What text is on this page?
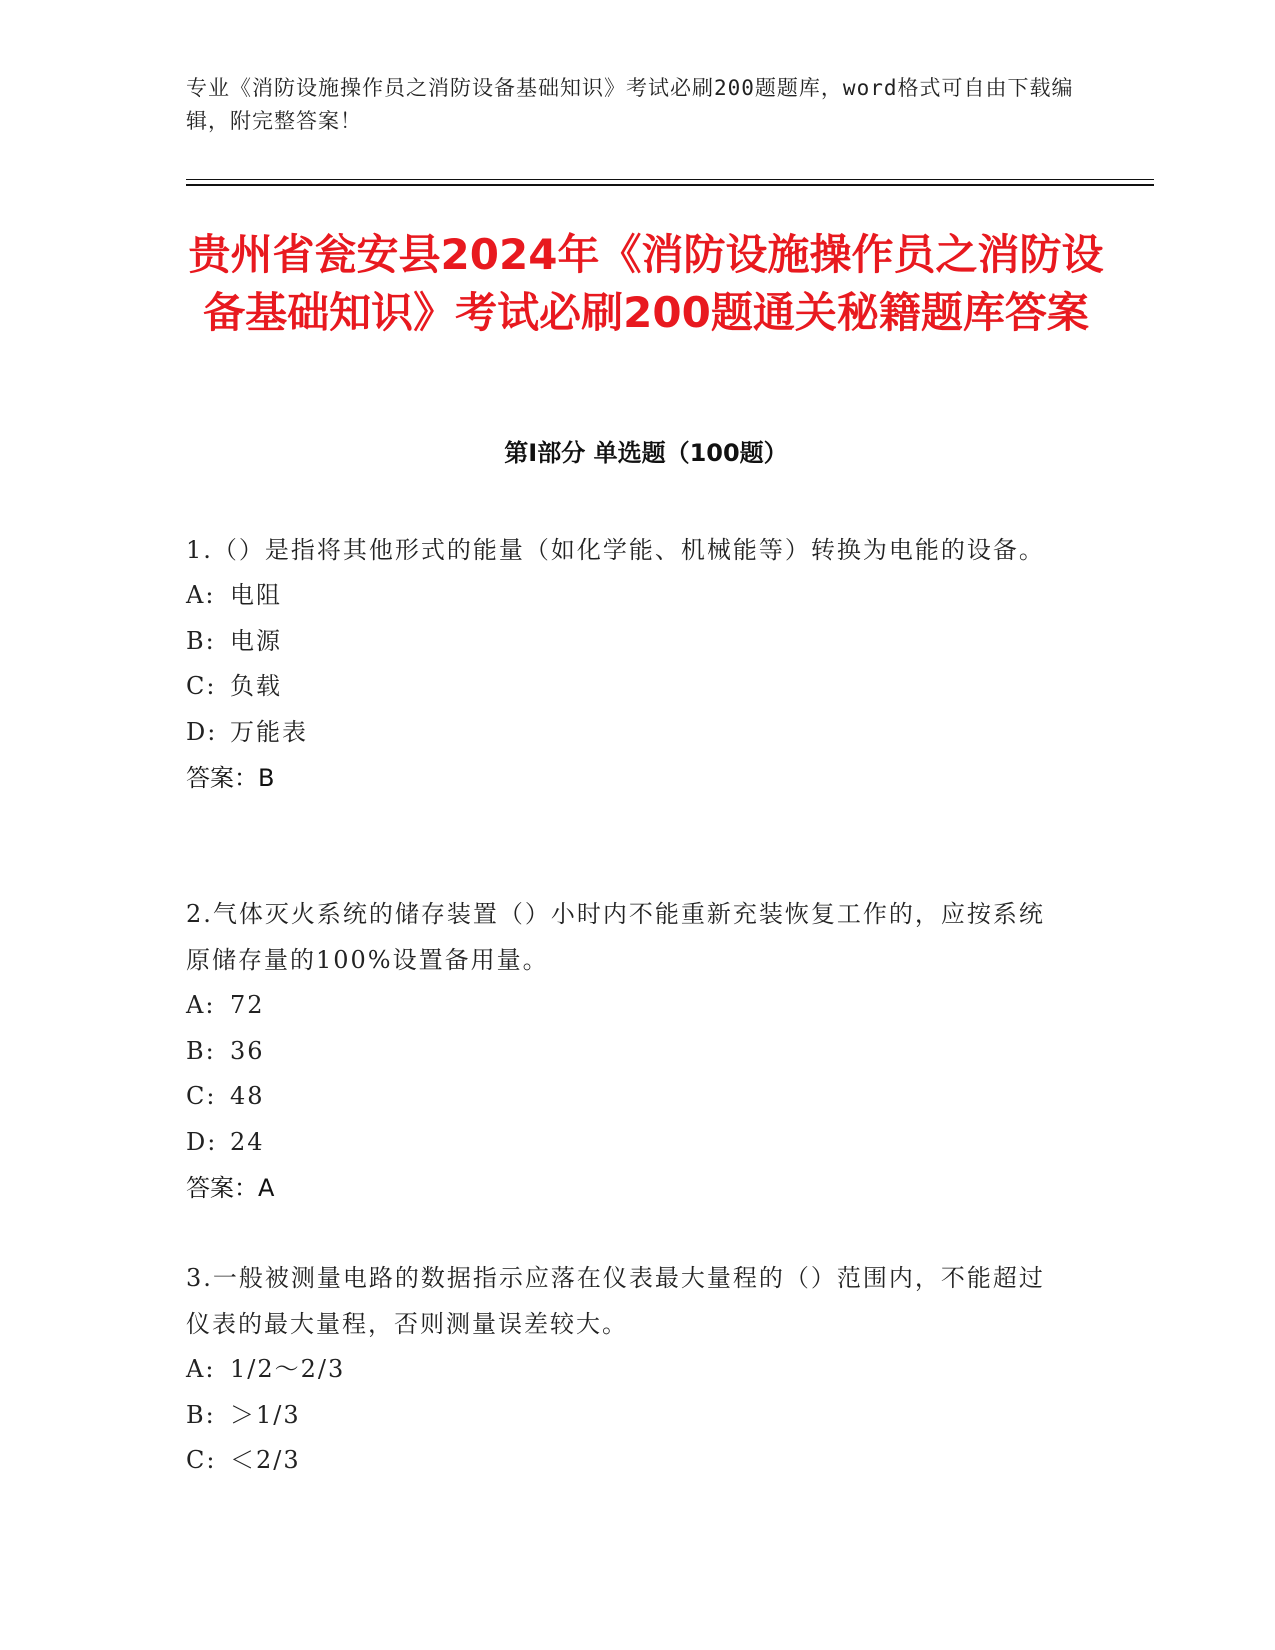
专业《消防设施操作员之消防设备基础知识》考试必刷200题题库，word格式可自由下载编辑，附完整答案！
贵州省瓮安县2024年《消防设施操作员之消防设备基础知识》考试必刷200题通关秘籍题库答案
第I部分 单选题（100题）
1.（）是指将其他形式的能量（如化学能、机械能等）转换为电能的设备。
A: 电阻
B: 电源
C: 负载
D: 万能表
答案：B
2.气体灭火系统的储存装置（）小时内不能重新充装恢复工作的，应按系统原储存量的100%设置备用量。
A: 72
B: 36
C: 48
D: 24
答案：A
3.一般被测量电路的数据指示应落在仪表最大量程的（）范围内，不能超过仪表的最大量程，否则测量误差较大。
A: 1/2～2/3
B: ＞1/3
C: ＜2/3
